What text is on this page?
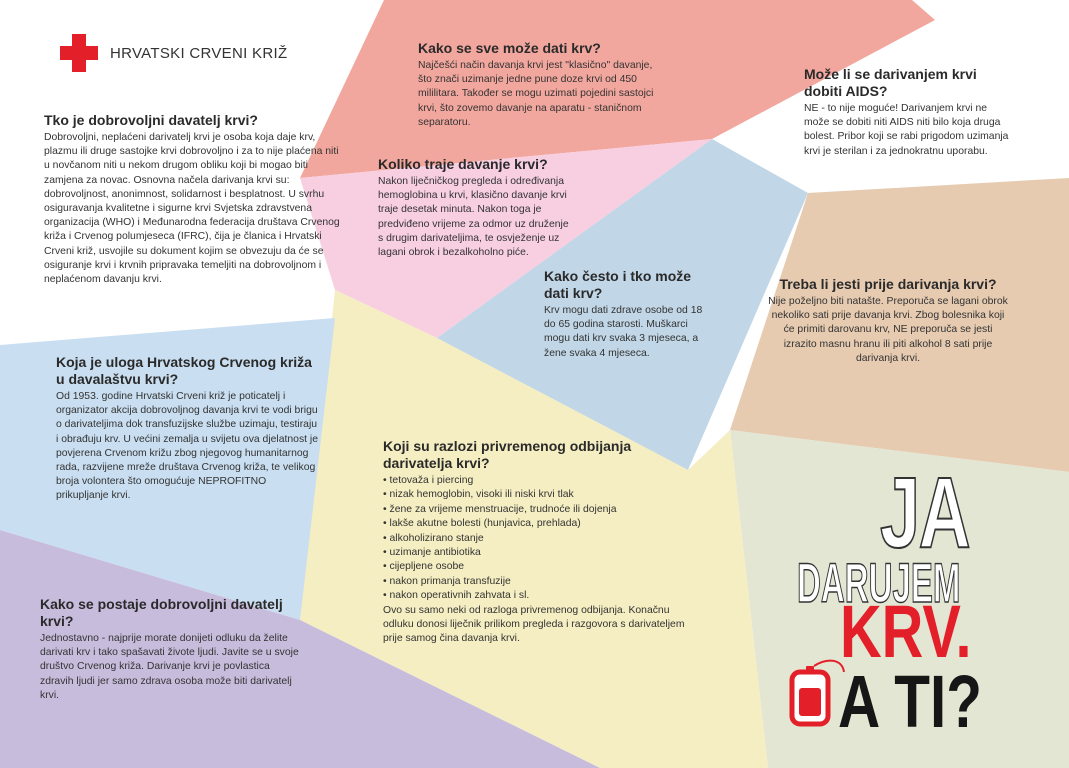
HRVATSKI CRVENI KRIŽ
Tko je dobrovoljni davatelj krvi?

Dobrovoljni, neplaćeni darivatelj krvi je osoba koja daje krv, plazmu ili druge sastojke krvi dobrovoljno i za to nije plaćena niti u novčanom niti u nekom drugom obliku koji bi mogao biti zamjena za novac. Osnovna načela darivanja krvi su: dobrovoljnost, anonimnost, solidarnost i besplatnost. U svrhu osiguravanja kvalitetne i sigurne krvi Svjetska zdravstvena organizacija (WHO) i Međunarodna federacija društava Crvenog križa i Crvenog polumjeseca (IFRC), čija je članica i Hrvatski Crveni križ, usvojile su dokument kojim se obvezuju da će se osiguranje krvi i krvnih pripravaka temeljiti na dobrovoljnom i neplaćenom davanju krvi.

Kako se sve može dati krv?

Najčešći način davanja krvi jest "klasično" davanje, što znači uzimanje jedne pune doze krvi od 450 mililitara. Također se mogu uzimati pojedini sastojci krvi, što zovemo davanje na aparatu - staničnom separatoru.

Može li se darivanjem krvi dobiti AIDS?

NE - to nije moguće! Darivanjem krvi ne može se dobiti niti AIDS niti bilo koja druga bolest. Pribor koji se rabi prigodom uzimanja krvi je sterilan i za jednokratnu uporabu.

Koliko traje davanje krvi?

Nakon liječničkog pregleda i određivanja hemoglobina u krvi, klasično davanje krvi traje desetak minuta. Nakon toga je predviđeno vrijeme za odmor uz druženje s drugim darivateljima, te osvježenje uz lagani obrok i bezalkoholno piće.

Kako često i tko može dati krv?

Krv mogu dati zdrave osobe od 18 do 65 godina starosti. Muškarci mogu dati krv svaka 3 mjeseca, a žene svaka 4 mjeseca.

Treba li jesti prije darivanja krvi?

Nije poželjno biti natašte. Preporuča se lagani obrok nekoliko sati prije davanja krvi. Zbog bolesnika koji će primiti darovanu krv, NE preporuča se jesti izrazito masnu hranu ili piti alkohol 8 sati prije darivanja krvi.

Koja je uloga Hrvatskog Crvenog križa u davalaštvu krvi?

Od 1953. godine Hrvatski Crveni križ je poticatelj i organizator akcija dobrovoljnog davanja krvi te vodi brigu o darivateljima dok transfuzijske službe uzimaju, testiraju i obrađuju krv. U većini zemalja u svijetu ova djelatnost je povjerena Crvenom križu zbog njegovog humanitarnog rada, razvijene mreže društava Crvenog križa, te velikog broja volontera što omogućuje NEPROFITNO prikupljanje krvi.

Koji su razlozi privremenog odbijanja darivatelja krvi?
• tetovaža i piercing
• nizak hemoglobin, visoki ili niski krvi tlak
• žene za vrijeme menstruacije, trudnoće ili dojenja
• lakše akutne bolesti (hunjavica, prehlada)
• alkoholizirano stanje
• uzimanje antibiotika
• cijepljene osobe
• nakon primanja transfuzije
• nakon operativnih zahvata i sl.

Ovo su samo neki od razloga privremenog odbijanja. Konačnu odluku donosi liječnik prilikom pregleda i razgovora s darivateljem prije samog čina davanja krvi.

Kako se postaje dobrovoljni davatelj krvi?

Jednostavno - najprije morate donijeti odluku da želite darivati krv i tako spašavati živote ljudi. Javite se u svoje društvo Crvenog križa. Darivanje krvi je povlastica zdravih ljudi jer samo zdrava osoba može biti darivatelj krvi.

JA
DARUJEM
KRV.
A TI?
